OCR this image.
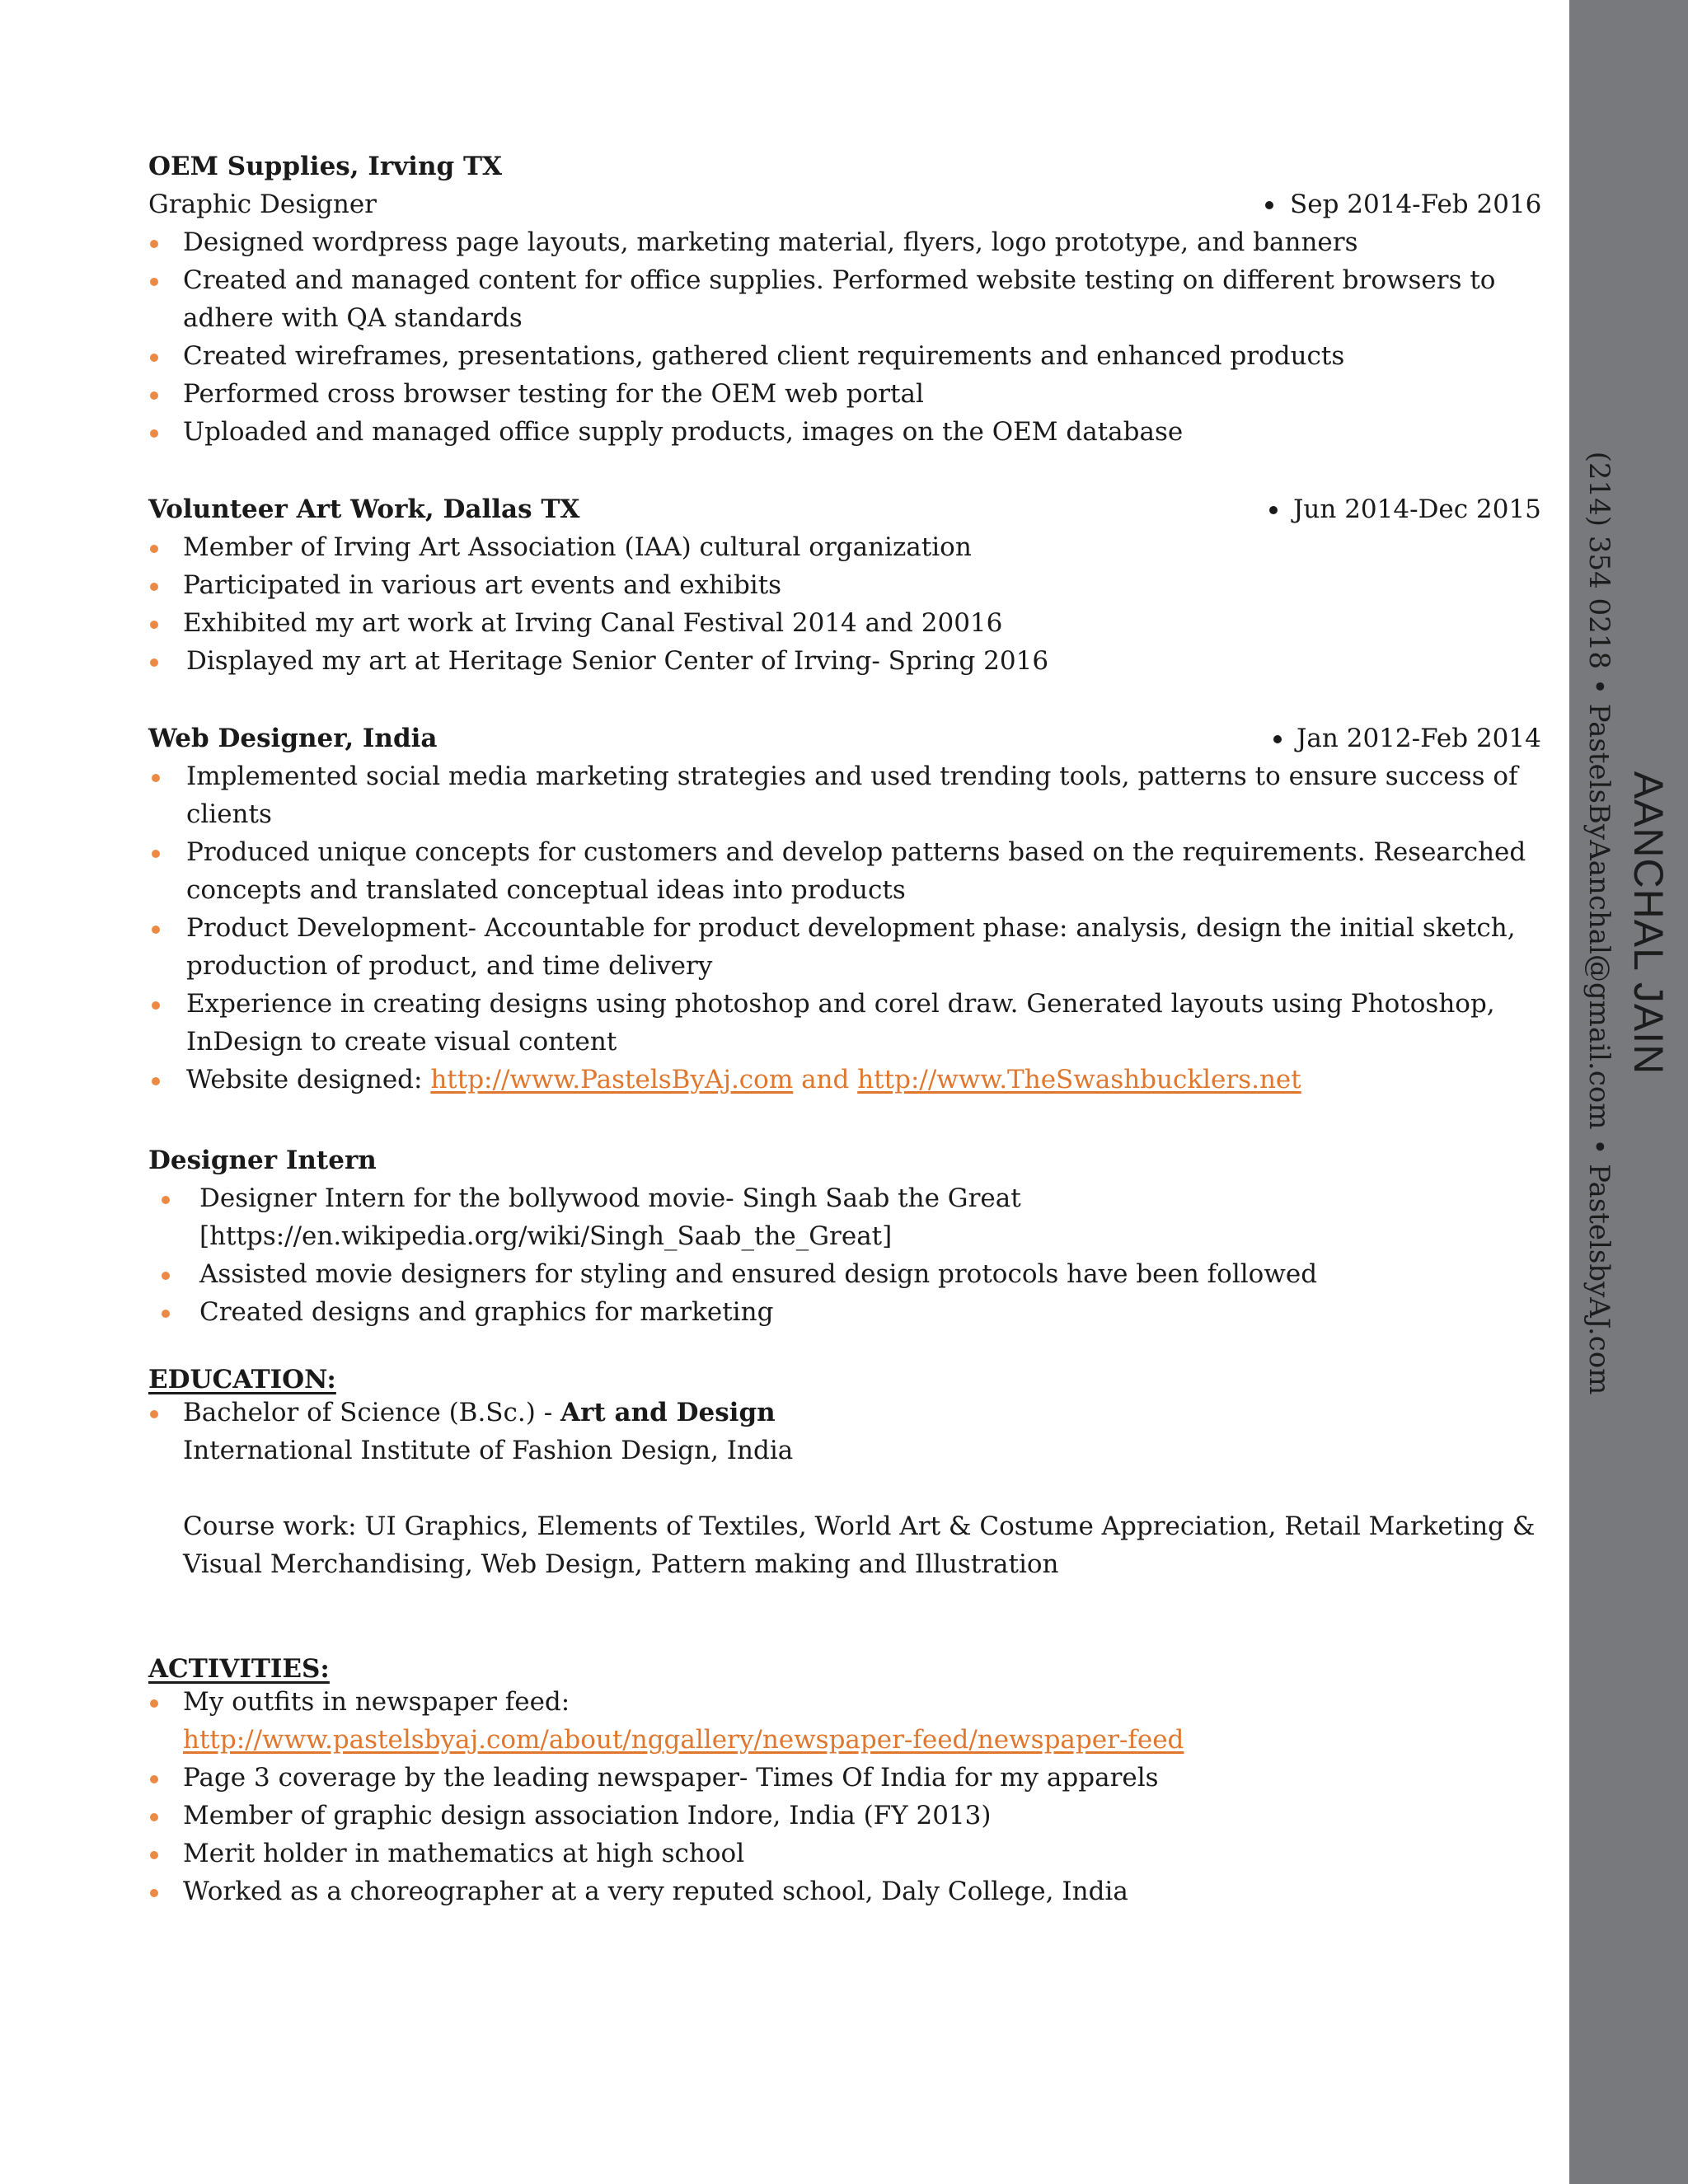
OEM Supplies, Irving TX
Graphic Designer	Sep 2014-Feb 2016
Designed wordpress page layouts, marketing material, flyers, logo prototype, and banners
Created and managed content for office supplies. Performed website testing on different browsers to
adhere with QA standards
Created wireframes, presentations, gathered client requirements and enhanced products
Performed cross browser testing for the OEM web portal
Uploaded and managed office supply products, images on the OEM database
Volunteer Art Work, Dallas TX	Jun 2014-Dec 2015
Member of Irving Art Association (IAA) cultural organization
Participated in various art events and exhibits
Exhibited my art work at Irving Canal Festival 2014 and 20016
Displayed my art at Heritage Senior Center of Irving- Spring 2016
Web Designer, India	Jan 2012-Feb 2014
Implemented social media marketing strategies and used trending tools, patterns to ensure success of
clients
Produced unique concepts for customers and develop patterns based on the requirements. Researched
concepts and translated conceptual ideas into products
Product Development- Accountable for product development phase: analysis, design the initial sketch,
production of product, and time delivery
Experience in creating designs using photoshop and corel draw. Generated layouts using Photoshop,
InDesign to create visual content
Website designed: http://www.PastelsByAj.com and http://www.TheSwashbucklers.net
Designer Intern
Designer Intern for the bollywood movie- Singh Saab the Great
[https://en.wikipedia.org/wiki/Singh_Saab_the_Great]
Assisted movie designers for styling and ensured design protocols have been followed
Created designs and graphics for marketing
EDUCATION:
Bachelor of Science (B.Sc.) - Art and Design
International Institute of Fashion Design, India
Course work: UI Graphics, Elements of Textiles, World Art & Costume Appreciation, Retail Marketing &
Visual Merchandising, Web Design, Pattern making and Illustration
ACTIVITIES:
My outfits in newspaper feed:
http://www.pastelsbyaj.com/about/nggallery/newspaper-feed/newspaper-feed
Page 3 coverage by the leading newspaper- Times Of India for my apparels
Member of graphic design association Indore, India (FY 2013)
Merit holder in mathematics at high school
Worked as a choreographer at a very reputed school, Daly College, India
AANCHAL JAIN
(214) 354 0218 • PastelsByAanchal@gmail.com • PastelsbyAJ.com
